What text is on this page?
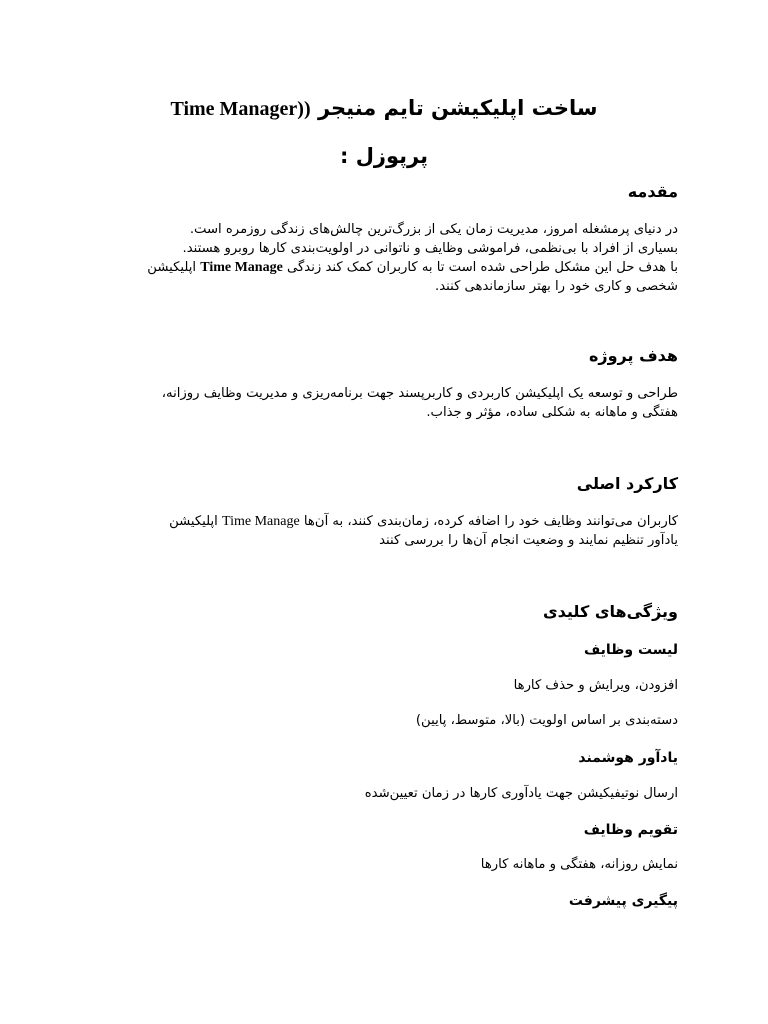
Time Manager)) ساخت اپلیکیشن تایم منیجر
پرپوزل :
مقدمه
در دنیای پرمشغله امروز، مدیریت زمان یکی از بزرگ‌ترین چالش‌های زندگی روزمره است.
بسیاری از افراد با بی‌نظمی، فراموشی وظایف و ناتوانی در اولویت‌بندی کارها روبرو هستند.
با هدف حل این مشکل طراحی شده است تا به کاربران کمک کند زندگی Time Manage اپلیکیشن
شخصی و کاری خود را بهتر سازماندهی کنند.
هدف پروژه
طراحی و توسعه یک اپلیکیشن کاربردی و کاربرپسند جهت برنامه‌ریزی و مدیریت وظایف روزانه،
هفتگی و ماهانه به شکلی ساده، مؤثر و جذاب.
کارکرد اصلی
کاربران می‌توانند وظایف خود را اضافه کرده، زمان‌بندی کنند، به آن‌ها Time Manage اپلیکیشن
یادآور تنظیم نمایند و وضعیت انجام آن‌ها را بررسی کنند
ویژگی‌های کلیدی
لیست وظایف
افزودن، ویرایش و حذف کارها
دسته‌بندی بر اساس اولویت (بالا، متوسط، پایین)
یادآور هوشمند
ارسال نوتیفیکیشن جهت یادآوری کارها در زمان تعیین‌شده
تقویم وظایف
نمایش روزانه، هفتگی و ماهانه کارها
پیگیری پیشرفت
